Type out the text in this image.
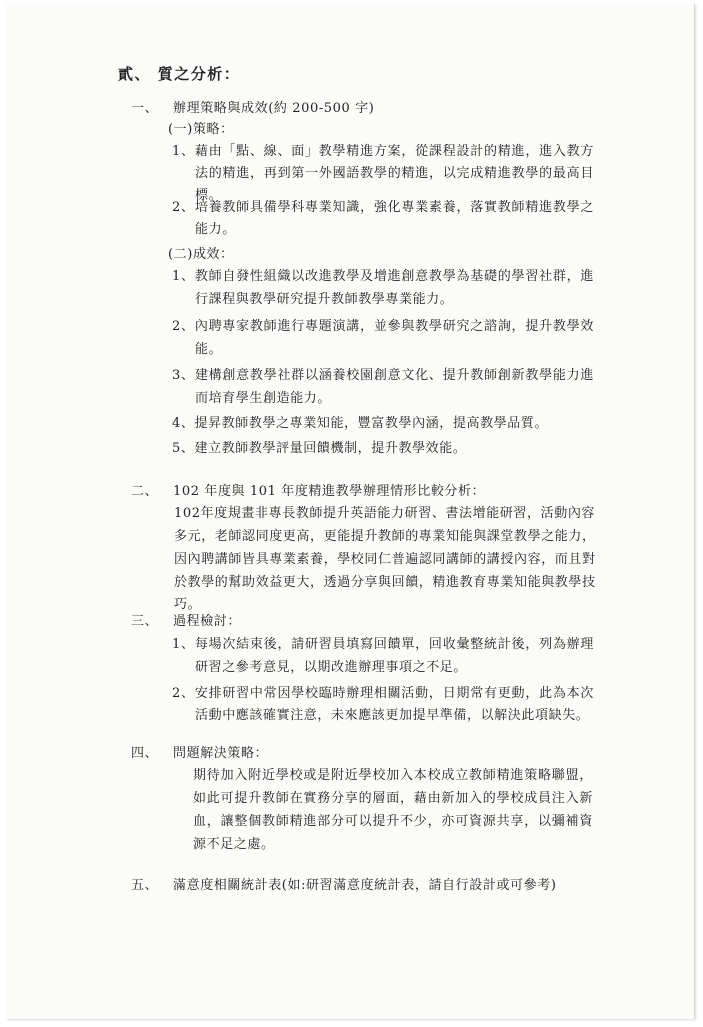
貳、 質之分析：
一、 辦理策略與成效(約 200-500 字)
(一)策略：
1、藉由「點、線、面」教學精進方案，從課程設計的精進，進入教方
法的精進，再到第一外國語教學的精進，以完成精進教學的最高目
標。
2、培養教師具備學科專業知識，強化專業素養，落實教師精進教學之
能力。
(二)成效：
1、教師自發性組織以改進教學及增進創意教學為基礎的學習社群，進
行課程與教學研究提升教師教學專業能力。
2、內聘專家教師進行專題演講，並參與教學研究之諮詢，提升教學效
能。
3、建構創意教學社群以涵養校園創意文化、提升教師創新教學能力進
而培育學生創造能力。
4、提昇教師教學之專業知能，豐富教學內涵，提高教學品質。
5、建立教師教學評量回饋機制，提升教學效能。
二、 102 年度與 101 年度精進教學辦理情形比較分析：
102年度規畫非專長教師提升英語能力研習、書法增能研習，活動內容
多元，老師認同度更高，更能提升教師的專業知能與課堂教學之能力，
因內聘講師皆具專業素養，學校同仁普遍認同講師的講授內容，而且對
於教學的幫助效益更大，透過分享與回饋，精進教育專業知能與教學技
巧。
三、 過程檢討：
1、每場次結束後，請研習員填寫回饋單，回收彙整統計後，列為辦理
研習之參考意見，以期改進辦理事項之不足。
2、安排研習中常因學校臨時辦理相關活動，日期常有更動，此為本次
活動中應該確實注意，未來應該更加提早準備，以解決此項缺失。
四、 問題解決策略：
期待加入附近學校或是附近學校加入本校成立教師精進策略聯盟，
如此可提升教師在實務分享的層面，藉由新加入的學校成員注入新
血，讓整個教師精進部分可以提升不少，亦可資源共享，以彌補資
源不足之處。
五、 滿意度相關統計表(如:研習滿意度統計表，請自行設計或可參考)
